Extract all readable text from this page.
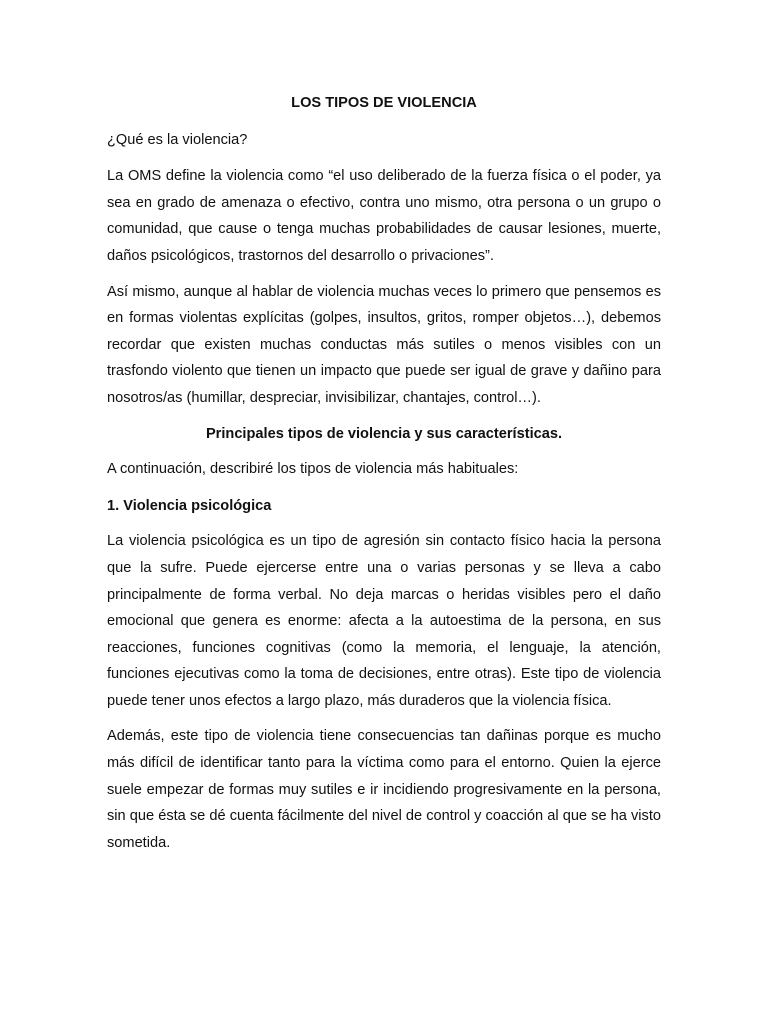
LOS TIPOS DE VIOLENCIA
¿Qué es la violencia?
La OMS define la violencia como “el uso deliberado de la fuerza física o el poder, ya sea en grado de amenaza o efectivo, contra uno mismo, otra persona o un grupo o comunidad, que cause o tenga muchas probabilidades de causar lesiones, muerte, daños psicológicos, trastornos del desarrollo o privaciones”.
Así mismo, aunque al hablar de violencia muchas veces lo primero que pensemos es en formas violentas explícitas (golpes, insultos, gritos, romper objetos…), debemos recordar que existen muchas conductas más sutiles o menos visibles con un trasfondo violento que tienen un impacto que puede ser igual de grave y dañino para nosotros/as (humillar, despreciar, invisibilizar, chantajes, control…).
Principales tipos de violencia y sus características.
A continuación, describiré los tipos de violencia más habituales:
1. Violencia psicológica
La violencia psicológica es un tipo de agresión sin contacto físico hacia la persona que la sufre. Puede ejercerse entre una o varias personas y se lleva a cabo principalmente de forma verbal. No deja marcas o heridas visibles pero el daño emocional que genera es enorme: afecta a la autoestima de la persona, en sus reacciones, funciones cognitivas (como la memoria, el lenguaje, la atención, funciones ejecutivas como la toma de decisiones, entre otras). Este tipo de violencia puede tener unos efectos a largo plazo, más duraderos que la violencia física.
Además, este tipo de violencia tiene consecuencias tan dañinas porque es mucho más difícil de identificar tanto para la víctima como para el entorno. Quien la ejerce suele empezar de formas muy sutiles e ir incidiendo progresivamente en la persona, sin que ésta se dé cuenta fácilmente del nivel de control y coacción al que se ha visto sometida.
